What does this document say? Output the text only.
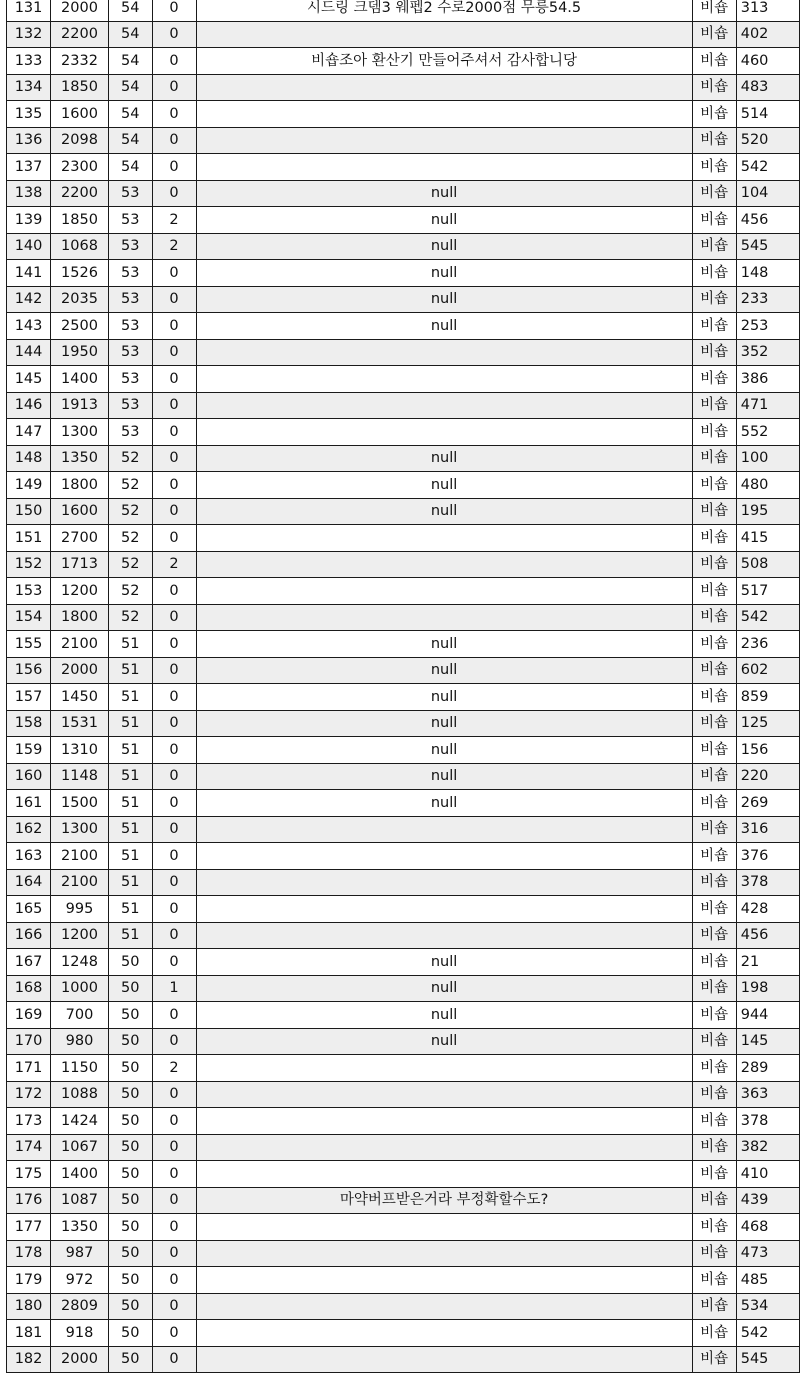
131	2000	54	0	시드링 크뎀3 웨펩2 수로2000점 무릉54.5	비숍	313
132	2200	54	0		비숍	402
133	2332	54	0	비숍조아 환산기 만들어주셔서 감사합니당	비숍	460
134	1850	54	0		비숍	483
135	1600	54	0		비숍	514
136	2098	54	0		비숍	520
137	2300	54	0		비숍	542
138	2200	53	0	null	비숍	104
139	1850	53	2	null	비숍	456
140	1068	53	2	null	비숍	545
141	1526	53	0	null	비숍	148
142	2035	53	0	null	비숍	233
143	2500	53	0	null	비숍	253
144	1950	53	0		비숍	352
145	1400	53	0		비숍	386
146	1913	53	0		비숍	471
147	1300	53	0		비숍	552
148	1350	52	0	null	비숍	100
149	1800	52	0	null	비숍	480
150	1600	52	0	null	비숍	195
151	2700	52	0		비숍	415
152	1713	52	2		비숍	508
153	1200	52	0		비숍	517
154	1800	52	0		비숍	542
155	2100	51	0	null	비숍	236
156	2000	51	0	null	비숍	602
157	1450	51	0	null	비숍	859
158	1531	51	0	null	비숍	125
159	1310	51	0	null	비숍	156
160	1148	51	0	null	비숍	220
161	1500	51	0	null	비숍	269
162	1300	51	0		비숍	316
163	2100	51	0		비숍	376
164	2100	51	0		비숍	378
165	995	51	0		비숍	428
166	1200	51	0		비숍	456
167	1248	50	0	null	비숍	21
168	1000	50	1	null	비숍	198
169	700	50	0	null	비숍	944
170	980	50	0	null	비숍	145
171	1150	50	2		비숍	289
172	1088	50	0		비숍	363
173	1424	50	0		비숍	378
174	1067	50	0		비숍	382
175	1400	50	0		비숍	410
176	1087	50	0	마약버프받은거라 부정확할수도?	비숍	439
177	1350	50	0		비숍	468
178	987	50	0		비숍	473
179	972	50	0		비숍	485
180	2809	50	0		비숍	534
181	918	50	0		비숍	542
182	2000	50	0		비숍	545
